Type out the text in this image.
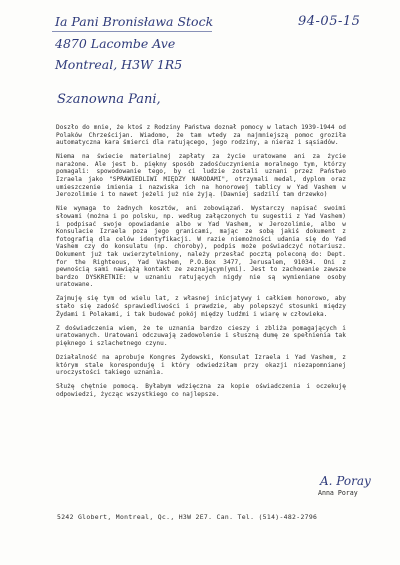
Ia Pani Bronisława Stock
4870 Lacombe Ave
Montreal, H3W 1R5
94-05-15
Szanowna Pani,

Doszło do mnie, że ktoś z Rodziny Państwa doznał pomocy w latach 1939-1944 od Polaków Chrześcijan. Wiadomo, że tam wtedy za najmniejszą pomoc groziła automatyczna kara śmierci dla ratującego, jego rodziny, a nieraz i sąsiadów.

Niema na świecie materialnej zapłaty za życie uratowane ani za życie narażone. Ale jest b. piękny sposób zadośćuczynienia moralnego tym, którzy pomagali: spowodowanie tego, by ci ludzie zostali uznani przez Państwo Izraela jako "SPRAWIEDLIWI MIĘDZY NARODAMI", otrzymali medal, dyplom oraz umieszczenie imienia i nazwiska ich na honorowej tablicy w Yad Vashem w Jerozolimie i to nawet jeżeli już nie żyją. (Dawniej sadzili tam drzewko)

Nie wymaga to żadnych kosztów, ani zobowiązań. Wystarczy napisać swoimi słowami (można i po polsku, np. według załączonych tu sugestii z Yad Vashem) i podpisać swoje opowiadanie albo w Yad Vashem, w Jerozolimie, albo w Konsulacie Izraela poza jego granicami, mając ze sobą jakiś dokument z fotografią dla celów identyfikacji. W razie niemożności udania się do Yad Vashem czy do konsulatu (np. choroby), podpis może poświadczyć notariusz. Dokument już tak uwierzytelniony, należy przesłać pocztą poleconą do: Dept. for the Righteous, Yad Vashem, P.O.Box 3477, Jerusalem, 91034. Oni z pewnością sami nawiążą kontakt ze zeznającym(ymi). Jest to zachowanie zawsze bardzo DYSKRETNIE: w uznaniu ratujących nigdy nie są wymieniane osoby uratowane.

Zajmuję się tym od wielu lat, z własnej inicjatywy i całkiem honorowo, aby stało się zadość sprawiedliwości i prawdzie, aby polepszyć stosunki między Żydami i Polakami, i tak budować pokój między ludźmi i wiarę w człowieka.

Z doświadczenia wiem, że te uznania bardzo cieszy i zbliża pomagających i uratowanych. Uratowani odczuwają zadowolenie i słuszną dumę ze spełnienia tak pięknego i szlachetnego czynu.

Działalność na aprobuje Kongres Żydowski, Konsulat Izraela i Yad Vashem, z którym stale koresponduję i który odwiedziłam przy okazji niezapomnianej uroczystości takiego uznania.

Służę chętnie pomocą. Byłabym wdzięczna za kopie oświadczenia i oczekuję odpowiedzi, życząc wszystkiego co najlepsze.

A. Poray
Anna Poray
5242 Globert, Montreal, Qc., H3W 2E7. Can. Tel. (514)-482-2796
